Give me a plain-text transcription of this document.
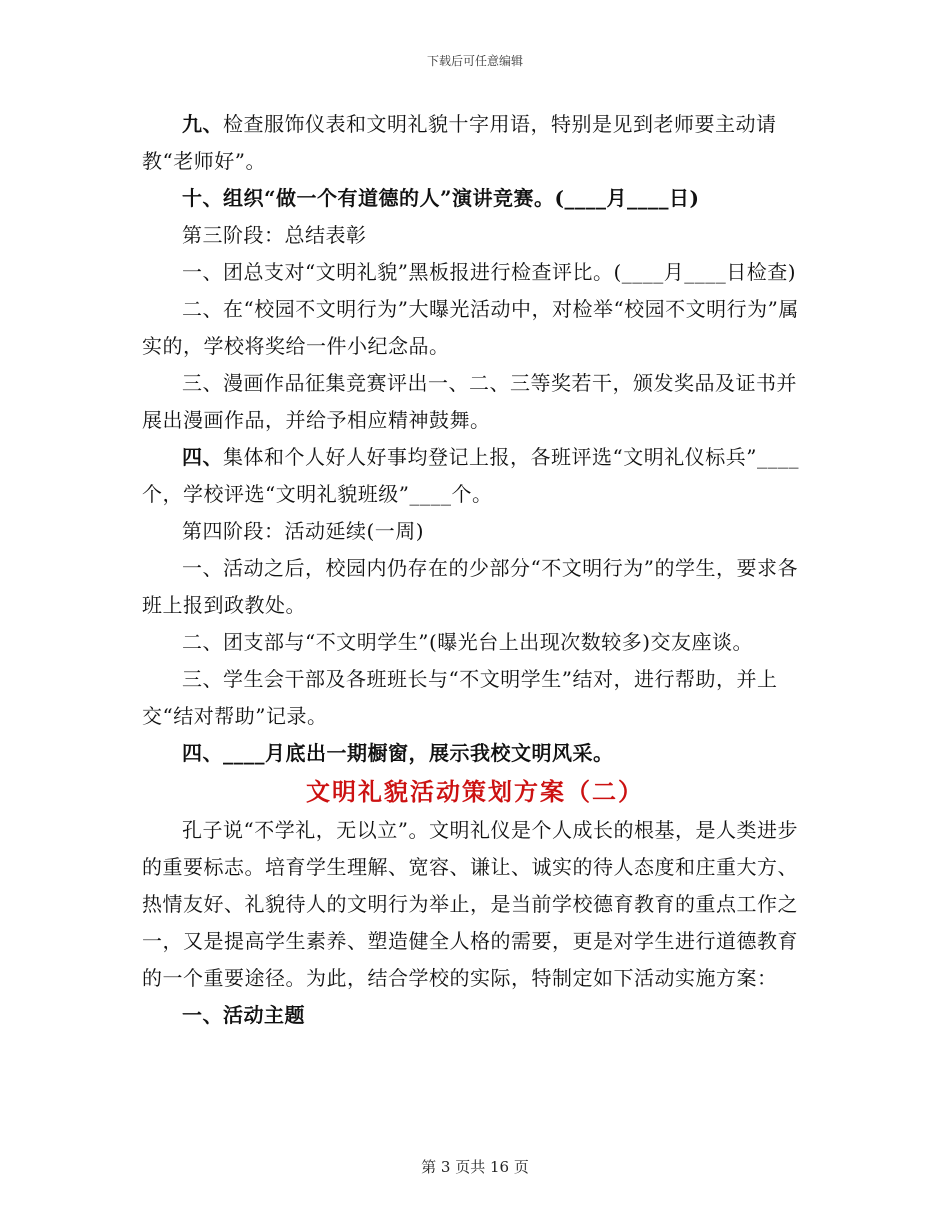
下载后可任意编辑

九、检查服饰仪表和文明礼貌十字用语，特别是见到老师要主动请教“老师好”。

十、组织“做一个有道德的人”演讲竞赛。(____月____日)

第三阶段：总结表彰

一、团总支对“文明礼貌”黑板报进行检查评比。(____月____日检查)

二、在“校园不文明行为”大曝光活动中，对检举“校园不文明行为”属实的，学校将奖给一件小纪念品。

三、漫画作品征集竞赛评出一、二、三等奖若干，颁发奖品及证书并展出漫画作品，并给予相应精神鼓舞。

四、集体和个人好人好事均登记上报，各班评选“文明礼仪标兵”____个，学校评选“文明礼貌班级”____个。

第四阶段：活动延续(一周)

一、活动之后，校园内仍存在的少部分“不文明行为”的学生，要求各班上报到政教处。

二、团支部与“不文明学生”(曝光台上出现次数较多)交友座谈。

三、学生会干部及各班班长与“不文明学生”结对，进行帮助，并上交“结对帮助”记录。

四、____月底出一期橱窗，展示我校文明风采。

文明礼貌活动策划方案（二）

孔子说“不学礼，无以立”。文明礼仪是个人成长的根基，是人类进步的重要标志。培育学生理解、宽容、谦让、诚实的待人态度和庄重大方、热情友好、礼貌待人的文明行为举止，是当前学校德育教育的重点工作之一，又是提高学生素养、塑造健全人格的需要，更是对学生进行道德教育的一个重要途径。为此，结合学校的实际，特制定如下活动实施方案：

一、活动主题

第 3 页共 16 页
